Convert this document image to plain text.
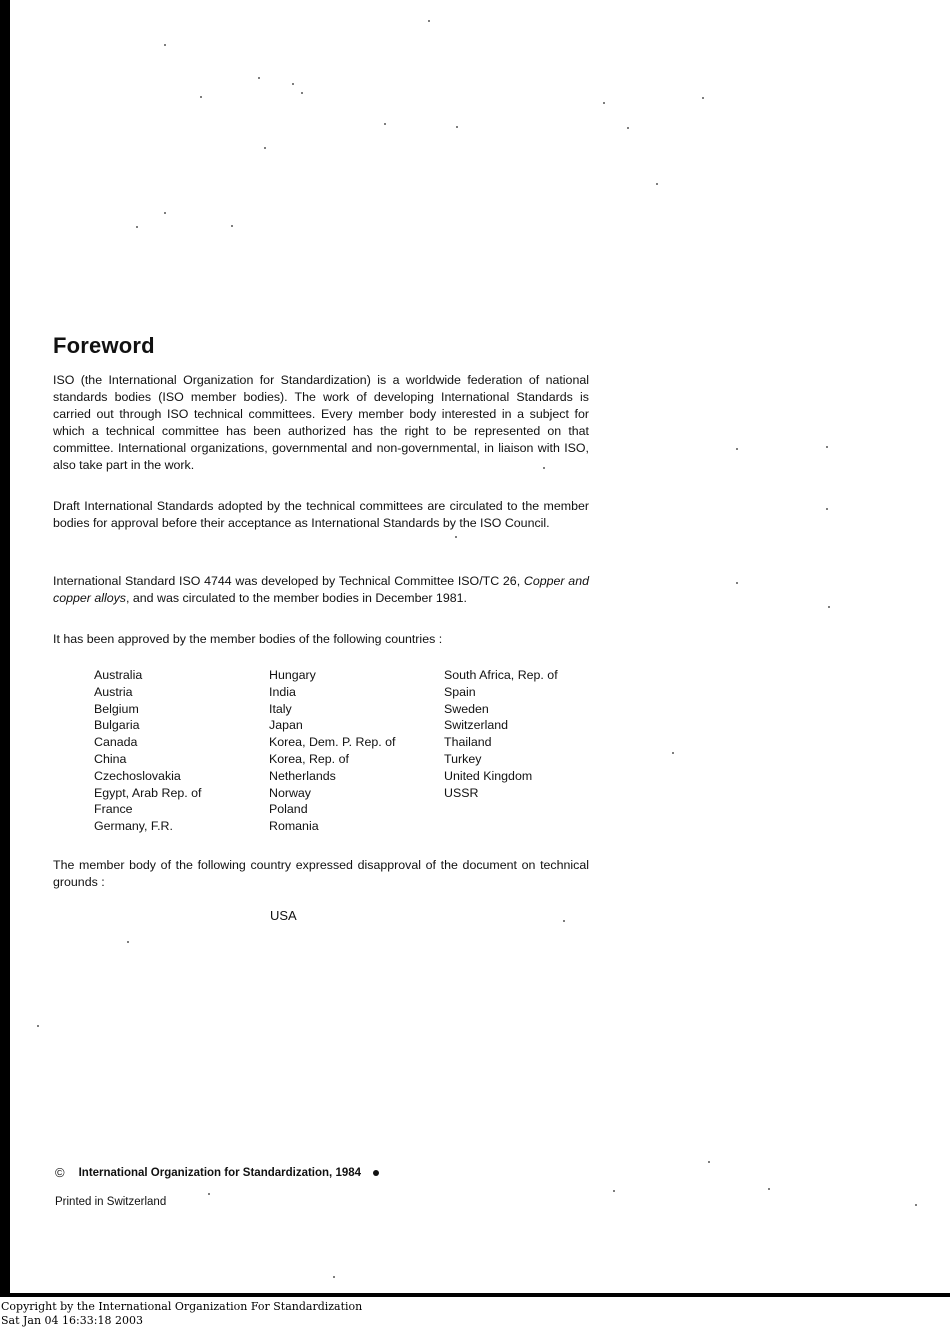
Foreword

ISO (the International Organization for Standardization) is a worldwide federation of national standards bodies (ISO member bodies). The work of developing International Standards is carried out through ISO technical committees. Every member body interested in a subject for which a technical committee has been authorized has the right to be represented on that committee. International organizations, governmental and non-governmental, in liaison with ISO, also take part in the work.

Draft International Standards adopted by the technical committees are circulated to the member bodies for approval before their acceptance as International Standards by the ISO Council.

International Standard ISO 4744 was developed by Technical Committee ISO/TC 26, Copper and copper alloys, and was circulated to the member bodies in December 1981.

It has been approved by the member bodies of the following countries :

Australia
Austria
Belgium
Bulgaria
Canada
China
Czechoslovakia
Egypt, Arab Rep. of
France
Germany, F.R.
Hungary
India
Italy
Japan
Korea, Dem. P. Rep. of
Korea, Rep. of
Netherlands
Norway
Poland
Romania
South Africa, Rep. of
Spain
Sweden
Switzerland
Thailand
Turkey
United Kingdom
USSR

The member body of the following country expressed disapproval of the document on technical grounds :

USA
© International Organization for Standardization, 1984
Printed in Switzerland
Copyright by the International Organization For Standardization
Sat Jan 04 16:33:18 2003
